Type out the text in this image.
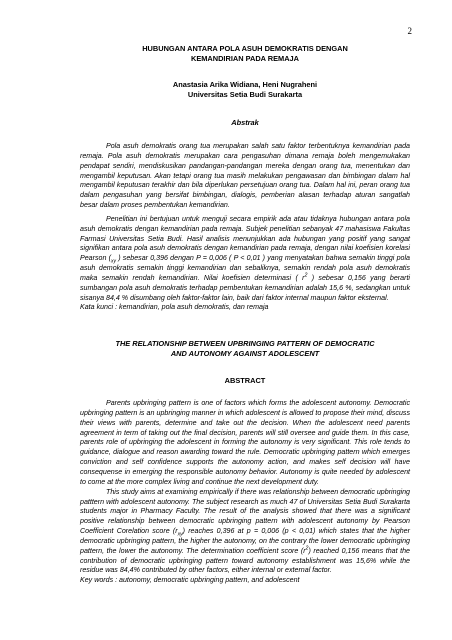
2
HUBUNGAN ANTARA POLA ASUH DEMOKRATIS DENGAN
KEMANDIRIAN PADA REMAJA
Anastasia Arika Widiana, Heni Nugraheni
Universitas Setia Budi Surakarta
Abstrak

Pola asuh demokratis orang tua merupakan salah satu faktor terbentuknya kemandirian pada remaja. Pola asuh demokratis merupakan cara pengasuhan dimana remaja boleh mengemukakan pendapat sendiri, mendiskusikan pandangan-pandangan mereka dengan orang tua, menentukan dan mengambil keputusan. Akan tetapi orang tua masih melakukan pengawasan dan bimbingan dalam hal mengambil keputusan terakhir dan bila diperlukan persetujuan orang tua. Dalam hal ini, peran orang tua dalam pengasuhan yang bersifat bimbingan, dialogis, pemberian alasan terhadap aturan sangatlah besar dalam proses pembentukan kemandirian.

Penelitian ini bertujuan untuk menguji secara empirik ada atau tidaknya hubungan antara pola asuh demokratis dengan kemandirian pada remaja. Subjek penelitian sebanyak 47 mahasiswa Fakultas Farmasi Universitas Setia Budi. Hasil analisis menunjukkan ada hubungan yang positif yang sangat signifikan antara pola asuh demokratis dengan kemandirian pada remaja, dengan nilai koefisien korelasi Pearson ($_{xy}$ ) sebesar 0,396 dengan P = 0,006 ( P < 0,01 ) yang menyatakan bahwa semakin tinggi pola asuh demokratis semakin tinggi kemandirian dan sebaliknya, semakin rendah pola asuh demokratis maka semakin rendah kemandirian. Nilai koefisien determinasi ( $r^2$ ) sebesar 0,156 yang berarti sumbangan pola asuh demokratis terhadap pembentukan kemandirian adalah 15,6 %, sedangkan untuk sisanya 84,4 % disumbang oleh faktor-faktor lain, baik dari faktor internal maupun faktor eksternal.

Kata kunci : kemandirian, pola asuh demokratis, dan remaja

THE RELATIONSHIP BETWEEN UPBRINGING PATTERN OF DEMOCRATIC
AND AUTONOMY AGAINST ADOLESCENT
ABSTRACT

Parents upbringing pattern is one of factors which forms the adolescent autonomy. Democratic upbringing pattern is an upbringing manner in which adolescent is allowed to propose their mind, discuss their views with parents, determine and take out the decision. When the adolescent need parents agreement in term of taking out the final decision, parents will still oversee and guide them. In this case, parents role of upbringing the adolescent in forming the autonomy is very significant. This role tends to guidance, dialogue and reason awarding toward the rule. Democratic upbringing pattern which emerges conviction and self confidence supports the autonomy action, and makes self decision will have consequense in emerging the responsible autonomy behavior. Autonomy is quite needed by adolescent to come at the more complex living and continue the next development duty.

This study aims at examining empirically if there was relationship between democratic upbringing patttern with adolescent autonomy. The subject research as much 47 of Universitas Setia Budi Surakarta students major in Pharmacy Faculty. The result of the analysis showed that there was a significant positive relationship between democratic upbringing pattern with adolescent autonomy by Pearson Coefficient Corelation score $(r_{xy})$ reaches 0,396 at p = 0,006 (p < 0,01) which states that the higher democratic upbringing pattern, the higher the autonomy, on the contrary the lower democratic upbringing pattern, the lower the autonomy. The determination coefficient score $(r^2)$ reached 0,156 means that the contribution of democratic upbringing pattern toward autonomy establishment was 15,6% while the residue was 84,4% contributed by other factors, either internal or external factor.

Key words : autonomy, democratic upbringing pattern, and adolescent
